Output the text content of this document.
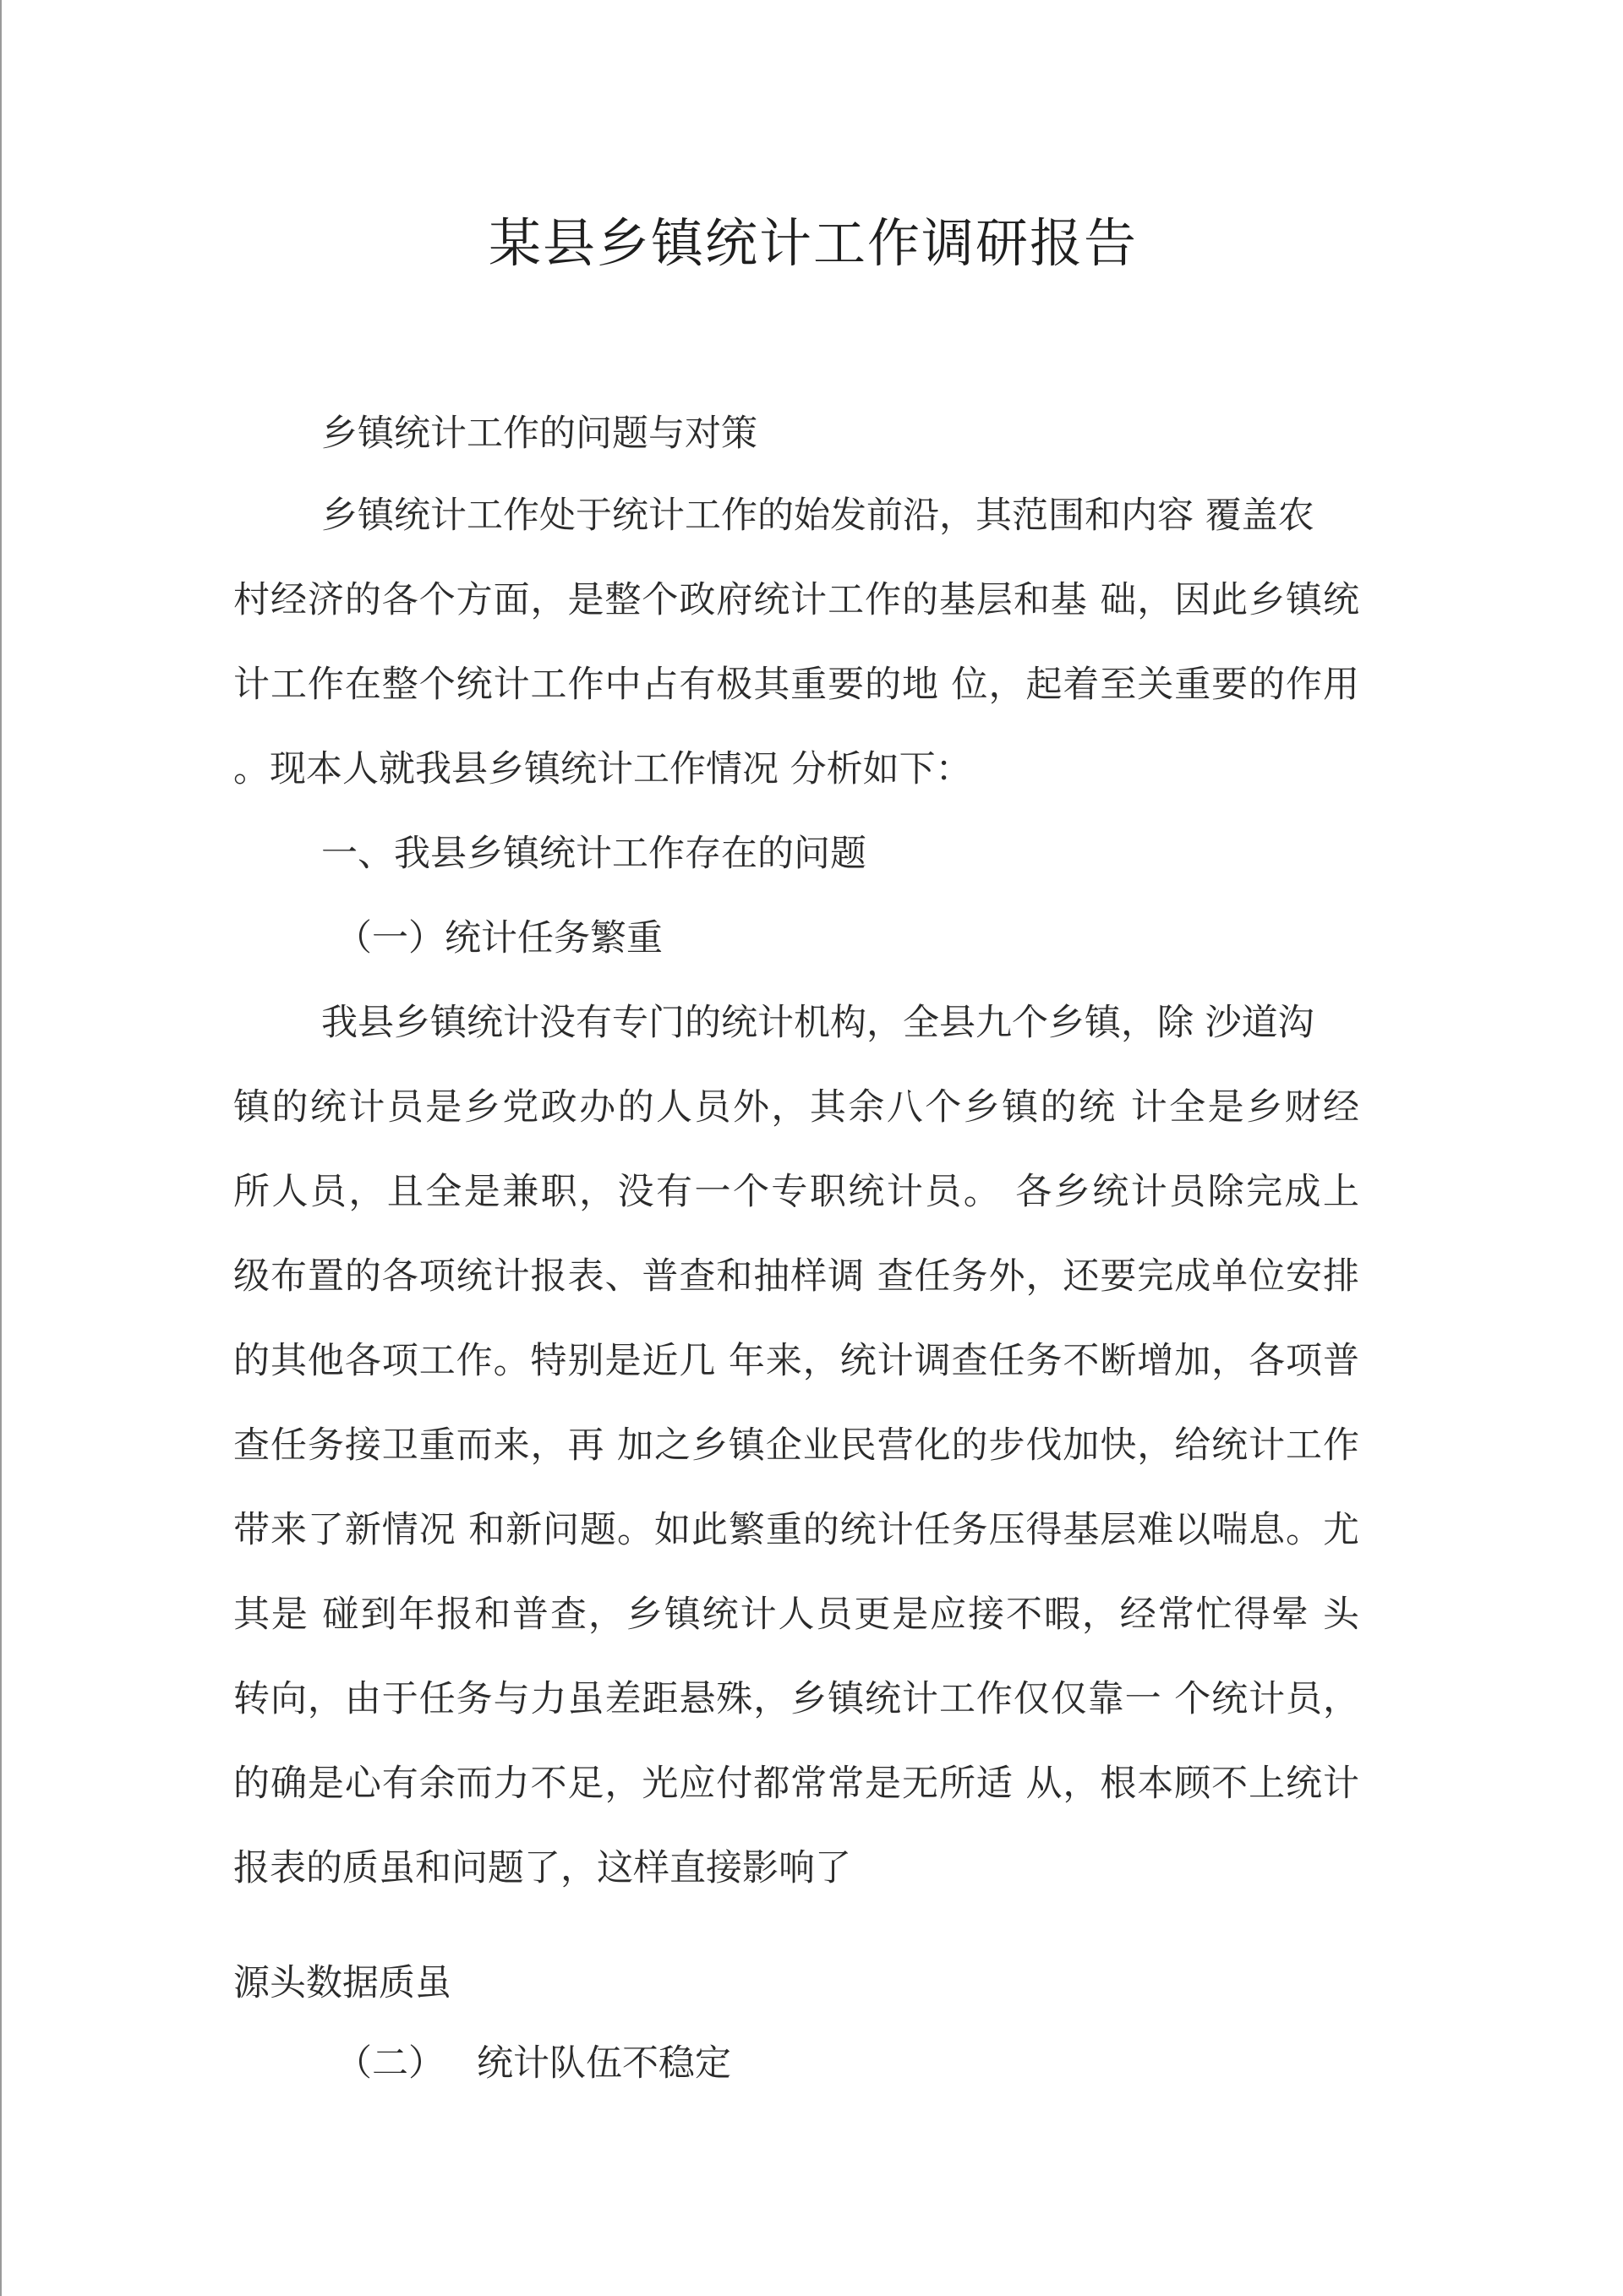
某县乡镇统计工作调研报告
乡镇统计工作的问题与对策
乡镇统计工作处于统计工作的始发前沿，其范围和内容 覆盖农
村经济的各个方面，是整个政府统计工作的基层和基 础，因此乡镇统
计工作在整个统计工作中占有极其重要的地 位，起着至关重要的作用
。现本人就我县乡镇统计工作情况 分析如下：
一、我县乡镇统计工作存在的问题
（一）统计任务繁重
我县乡镇统计没有专门的统计机构，全县九个乡镇，除 沙道沟
镇的统计员是乡党政办的人员外，其余八个乡镇的统 计全是乡财经
所人员，且全是兼职，没有一个专职统计员。 各乡统计员除完成上
级布置的各项统计报表、普查和抽样调 查任务外，还要完成单位安排
的其他各项工作。特别是近几 年来，统计调查任务不断增加，各项普
查任务接卫重而来，再 加之乡镇企业民营化的步伐加快，给统计工作
带来了新情况 和新问题。如此繁重的统计任务压得基层难以喘息。尤
其是 碰到年报和普查，乡镇统计人员更是应接不暇，经常忙得晕 头
转向，由于任务与力虽差距悬殊，乡镇统计工作仅仅靠一 个统计员，
的确是心有余而力不足，光应付都常常是无所适 从，根本顾不上统计
报表的质虽和问题了，这样直接影响了
源头数据质虽
（二） 统计队伍不稳定
